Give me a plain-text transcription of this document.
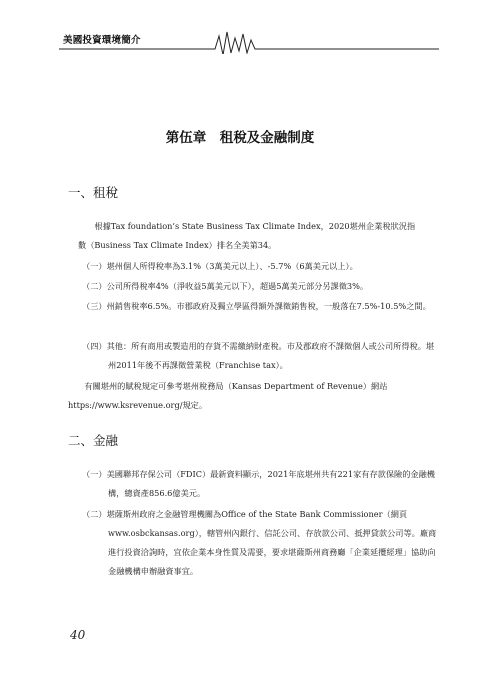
美國投資環境簡介
第伍章　租稅及金融制度
一、租稅
根據Tax foundation’s State Business Tax Climate Index，2020堪州企業稅狀況指數（Business Tax Climate Index）排名全美第34。
（一）堪州個人所得稅率為3.1%（3萬美元以上）、-5.7%（6萬美元以上）。
（二）公司所得稅率4%（淨收益5萬美元以下），超過5萬美元部分另課徵3%。
（三）州銷售稅率6.5%。市郡政府及獨立學區得額外課徵銷售稅，一般落在7.5%-10.5%之間。
（四）其他：所有商用或製造用的存貨不需繳納財產稅。市及郡政府不課徵個人或公司所得稅。堪州2011年後不再課徵營業稅（Franchise tax）。
有關堪州的賦稅規定可參考堪州稅務局（Kansas Department of Revenue）網站https://www.ksrevenue.org/規定。
二、金融
（一）美國聯邦存保公司（FDIC）最新資料顯示，2021年底堪州共有221家有存款保險的金融機構，總資產856.6億美元。
（二）堪薩斯州政府之金融管理機關為Office of the State Bank Commissioner（網頁www.osbckansas.org），轄管州內銀行、信託公司、存放款公司、抵押貸款公司等。廠商進行投資洽詢時，宜依企業本身性質及需要，要求堪薩斯州商務廳「企業延攬經理」協助向金融機構申辦融資事宜。
40
